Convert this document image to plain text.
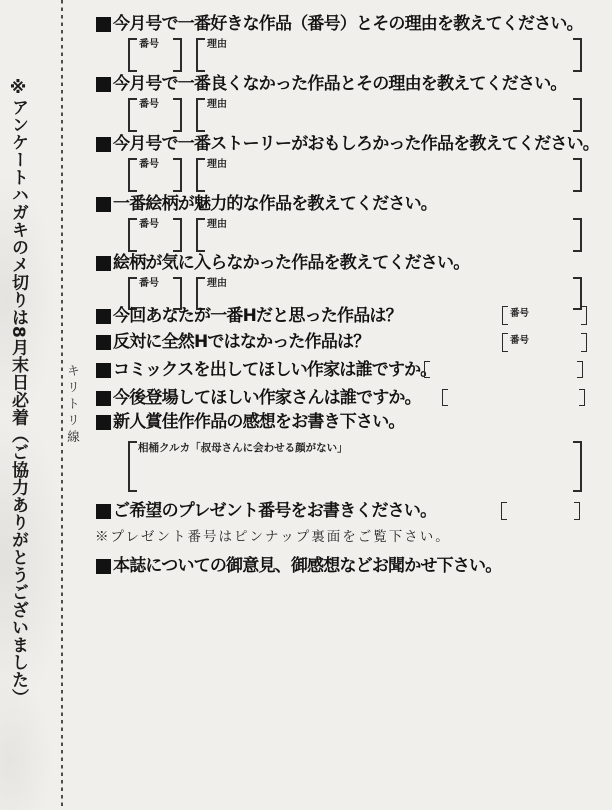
※アンケートハガキのメ切りは8月末日必着（ご協力ありがとうございました）	キリトリ線
今月号で一番好きな作品（番号）とその理由を教えてください。
番号	理由
今月号で一番良くなかった作品とその理由を教えてください。
番号	理由
今月号で一番ストーリーがおもしろかった作品を教えてください。
番号	理由
一番絵柄が魅力的な作品を教えてください。
番号	理由
絵柄が気に入らなかった作品を教えてください。
番号	理由
今回あなたが一番Hだと思った作品は？	番号
反対に全然Hではなかった作品は？	番号
コミックスを出してほしい作家は誰ですか。
今後登場してほしい作家さんは誰ですか。
新人賞佳作作品の感想をお書き下さい。
相桶クルカ「叔母さんに会わせる顔がない」
ご希望のプレゼント番号をお書きください。
※プレゼント番号はピンナップ裏面をご覧下さい。
本誌についての御意見、御感想などお聞かせ下さい。
